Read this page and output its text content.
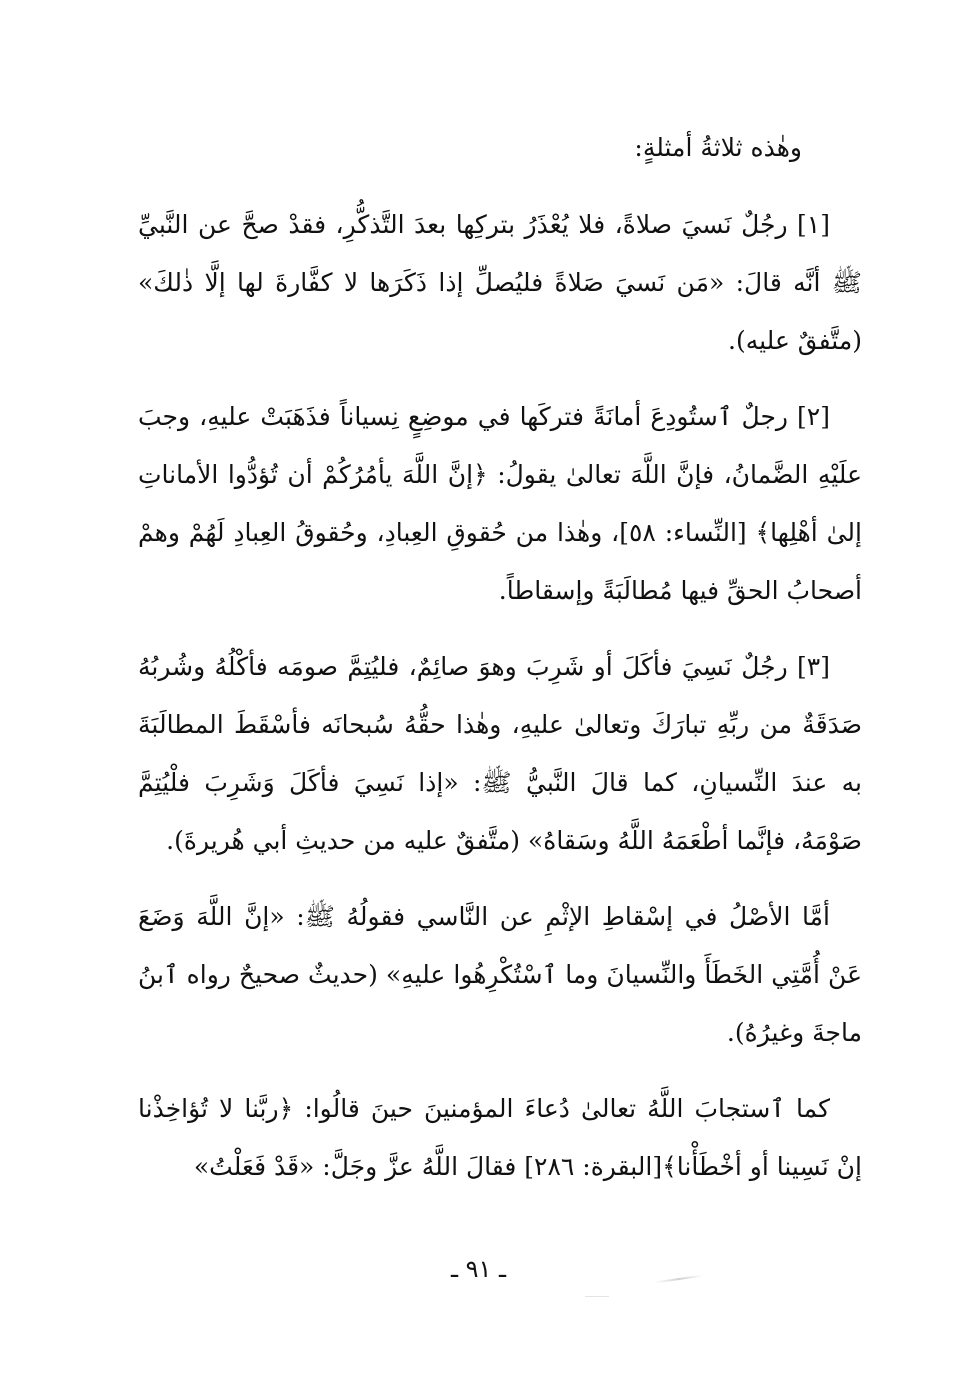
وهٰذه ثلاثةُ أمثلةٍ:

[١] رجُلٌ نَسيَ صلاةً، فلا يُعْذَرُ بتركِها بعدَ التَّذكُّرِ، فقدْ صحَّ عن النَّبيِّ ﷺ أنَّه قالَ: «مَن نَسيَ صَلاةً فليُصلِّ إذا ذَكَرَها لا كفَّارةَ لها إلَّا ذٰلكَ» (متَّفقٌ عليه).

[٢] رجلٌ ٱستُودِعَ أمانَةً فتركَها في موضِعٍ نِسياناً فذَهَبَتْ عليهِ، وجبَ علَيْهِ الضَّمانُ، فإنَّ اللَّهَ تعالىٰ يقولُ: ﴿إنَّ اللَّهَ يأمُرُكُمْ أن تُؤدُّوا الأماناتِ إلىٰ أهْلِها﴾ [النِّساء: ٥٨]، وهٰذا من حُقوقِ العِبادِ، وحُقوقُ العِبادِ لَهُمْ وهمْ أصحابُ الحقِّ فيها مُطالَبَةً وإسقاطاً.

[٣] رجُلٌ نَسِيَ فأكَلَ أو شَرِبَ وهوَ صائِمٌ، فليُتِمَّ صومَه فأكْلُهُ وشُربُهُ صَدَقَةٌ من ربِّهِ تبارَكَ وتعالىٰ عليهِ، وهٰذا حقُّهُ سُبحانَه فأسْقَطَ المطالَبَةَ به عندَ النِّسيانِ، كما قالَ النَّبيُّ ﷺ: «إذا نَسِيَ فأكَلَ وَشَرِبَ فلْيُتِمَّ صَوْمَهُ، فإنَّما أطْعَمَهُ اللَّهُ وسَقاهُ» (متَّفقٌ عليه من حديثِ أبي هُريرةَ).

أمَّا الأصْلُ في إسْقاطِ الإثْمِ عن النَّاسي فقولُهُ ﷺ: «إنَّ اللَّهَ وَضَعَ عَنْ أُمَّتِي الخَطَأَ والنِّسيانَ وما ٱسْتُكْرِهُوا عليهِ» (حديثٌ صحيحٌ رواه ٱبنُ ماجةَ وغيرُهُ).

كما ٱستجابَ اللَّهُ تعالىٰ دُعاءَ المؤمنينَ حينَ قالُوا: ﴿ربَّنا لا تُؤاخِذْنا إنْ نَسِينا أو أخْطَأْنا﴾[البقرة: ٢٨٦] فقالَ اللَّهُ عزَّ وجَلَّ: «قَدْ فَعَلْتُ»

ـ ٩١ ـ
